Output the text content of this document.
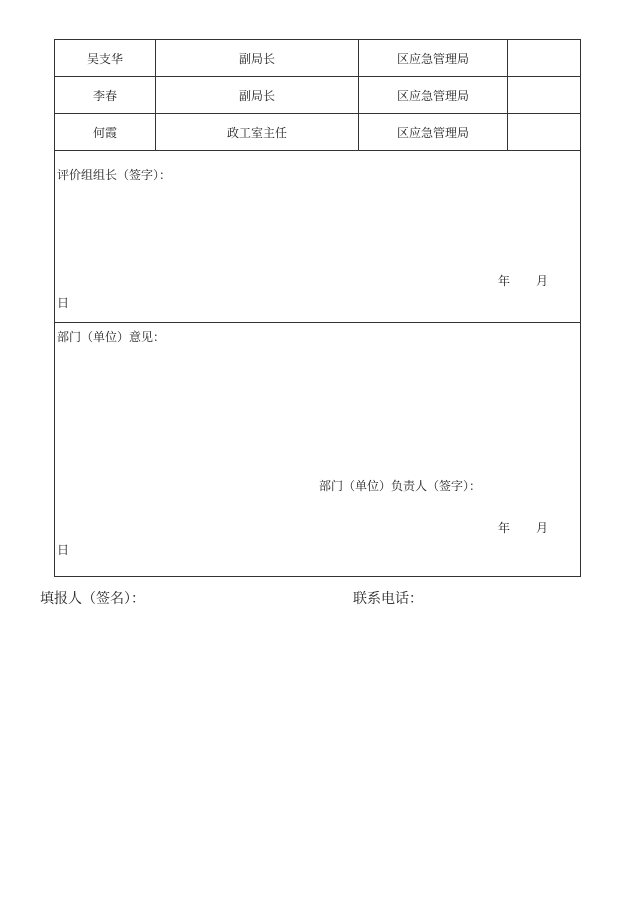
吴支华	副局长	区应急管理局
李春	副局长	区应急管理局
何霞	政工室主任	区应急管理局
评价组组长（签字）：
年 月
日
部门（单位）意见：
部门（单位）负责人（签字）：
年 月
日
填报人（签名）：	联系电话：
